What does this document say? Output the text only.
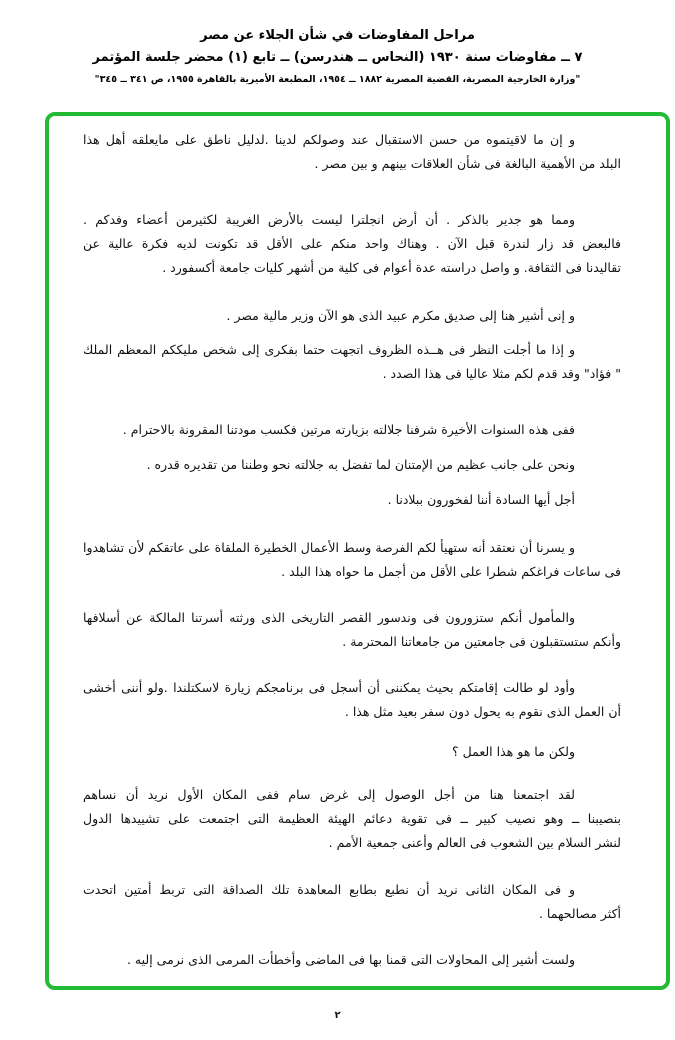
مراحل المفاوضات في شأن الجلاء عن مصر
٧ ــ مفاوضات سنة ١٩٣٠ (النحاس ــ هندرسن) ــ تابع (١) محضر جلسة المؤتمر
"وزارة الخارجية المصرية، القضية المصرية ١٨٨٢ ــ ١٩٥٤، المطبعة الأميرية بالقاهرة ١٩٥٥، ص ٣٤١ ــ ٣٤٥"
و إن ما لاقيتموه من حسن الاستقبال عند وصولكم لدينا .لدليل ناطق على مايعلقه أهل هذا
البلد من الأهمية البالغة فى شأن العلاقات بينهم و بين مصر .
ومما هو جدير بالذكر . أن أرض انجلترا ليست بالأرض الغريبة لكثيرمن أعضاء وفدكم .
فالبعض قد زار لندرة قبل الآن . وهناك واحد منكم على الأقل قد تكونت لديه فكرة عالية عن
تقاليدنا فى الثقافة. و واصل دراسته عدة أعوام فى كلية من أشهر كليات جامعة أكسفورد .
و إنى أشير هنا إلى صديق مكرم عبيد الذى هو الآن وزير مالية مصر .
و إذا ما أجلت النظر فى هــذه الظروف اتجهت حتما بفكرى إلى شخص مليككم المعظم الملك
" فؤاد" وقد قدم لكم مثلا عاليا فى هذا الصدد .
ففى هذه السنوات الأخيرة شرفنا جلالته بزيارته مرتين فكسب مودتنا المقرونة بالاحترام .
ونحن على جانب عظيم من الإمتنان لما تفضل به جلالته نحو وطننا من تقديره قدره .
أجل أيها السادة أننا لفخورون ببلادنا .
و يسرنا أن نعتقد أنه ستهيأ لكم الفرصة وسط الأعمال الخطيرة الملقاة على عاتقكم لأن تشاهدوا
فى ساعات فراغكم شطرا على الأقل من أجمل ما حواه هذا البلد .
والمأمول أنكم ستزورون فى وندسور القصر التاريخى الذى ورثته أسرتنا المالكة عن أسلافها
وأنكم ستستقبلون فى جامعتين من جامعاتنا المحترمة .
وأود لو طالت إقامتكم بحيث يمكننى أن أسجل فى برنامجكم زيارة لاسكتلندا .ولو أننى أخشى
أن العمل الذى نقوم به يحول دون سفر بعيد مثل هذا .
ولكن ما هو هذا العمل ؟
لقد اجتمعنا هنا من أجل الوصول إلى غرض سام ففى المكان الأول نريد أن نساهم
بنصيبنا ــ وهو نصيب كبير ــ فى تقوية دعائم الهيئة العظيمة التى اجتمعت على تشييدها الدول
لنشر السلام بين الشعوب فى العالم وأعنى جمعية الأمم .
و فى المكان الثانى نريد أن نطبع بطابع المعاهدة تلك الصداقة التى تربط أمتين اتحدت
أكثر مصالحهما .
ولست أشير إلى المحاولات التى قمنا بها فى الماضى وأخطأت المرمى الذى نرمى إليه .
٢
